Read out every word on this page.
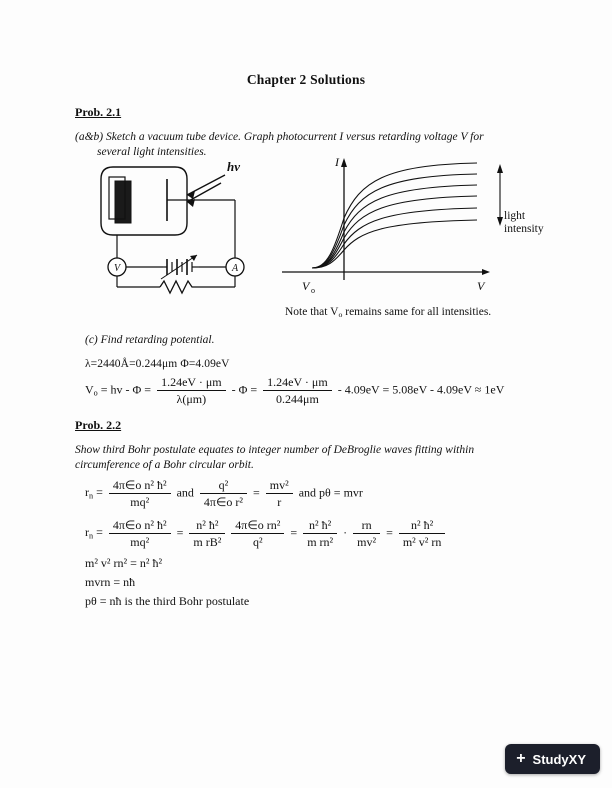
Chapter 2 Solutions
Prob. 2.1
(a&b) Sketch a vacuum tube device. Graph photocurrent I versus retarding voltage V for
several light intensities.
V	A
hv	I
V
V o
light
intensity
Note that $V_o$ remains same for all intensities.
(c) Find retarding potential.
λ=2440Å=0.244μm Φ=4.09eV
$V_o$ = hv - $\Phi = \frac{1.24eV \cdot \mu m}{\lambda(\mu m)} - \Phi = \frac{1.24eV \cdot \mu m}{0.244\mu m} - 4.09eV = 5.08eV - 4.09eV \approx 1eV$
Prob. 2.2
Show third Bohr postulate equates to integer number of DeBroglie waves fitting within circumference of a Bohr circular orbit.
$r_n = \frac{\text{4π∈o n² ħ²}}{\text{mq²}}$ and $\frac{\text{q²}}{\text{4π∈o r²}} = \frac{\text{mv²}}{r}$ and pθ = mvr
$r_n = \frac{\text{4π∈o n² ħ²}}{\text{mq²}} = \frac{\text{n² ħ²}}{\text{m rB²}} \frac{\text{4π∈o rn²}}{\text{q²}} = \frac{\text{n² ħ²}}{\text{m rn²}} \cdot \frac{rn}{\text{mv²}} = \frac{\text{n² ħ²}}{\text{m² v² rn}}$
m² v² rn² = n² ħ²
mvrn = nħ
pθ = nħ is the third Bohr postulate
+ StudyXY
